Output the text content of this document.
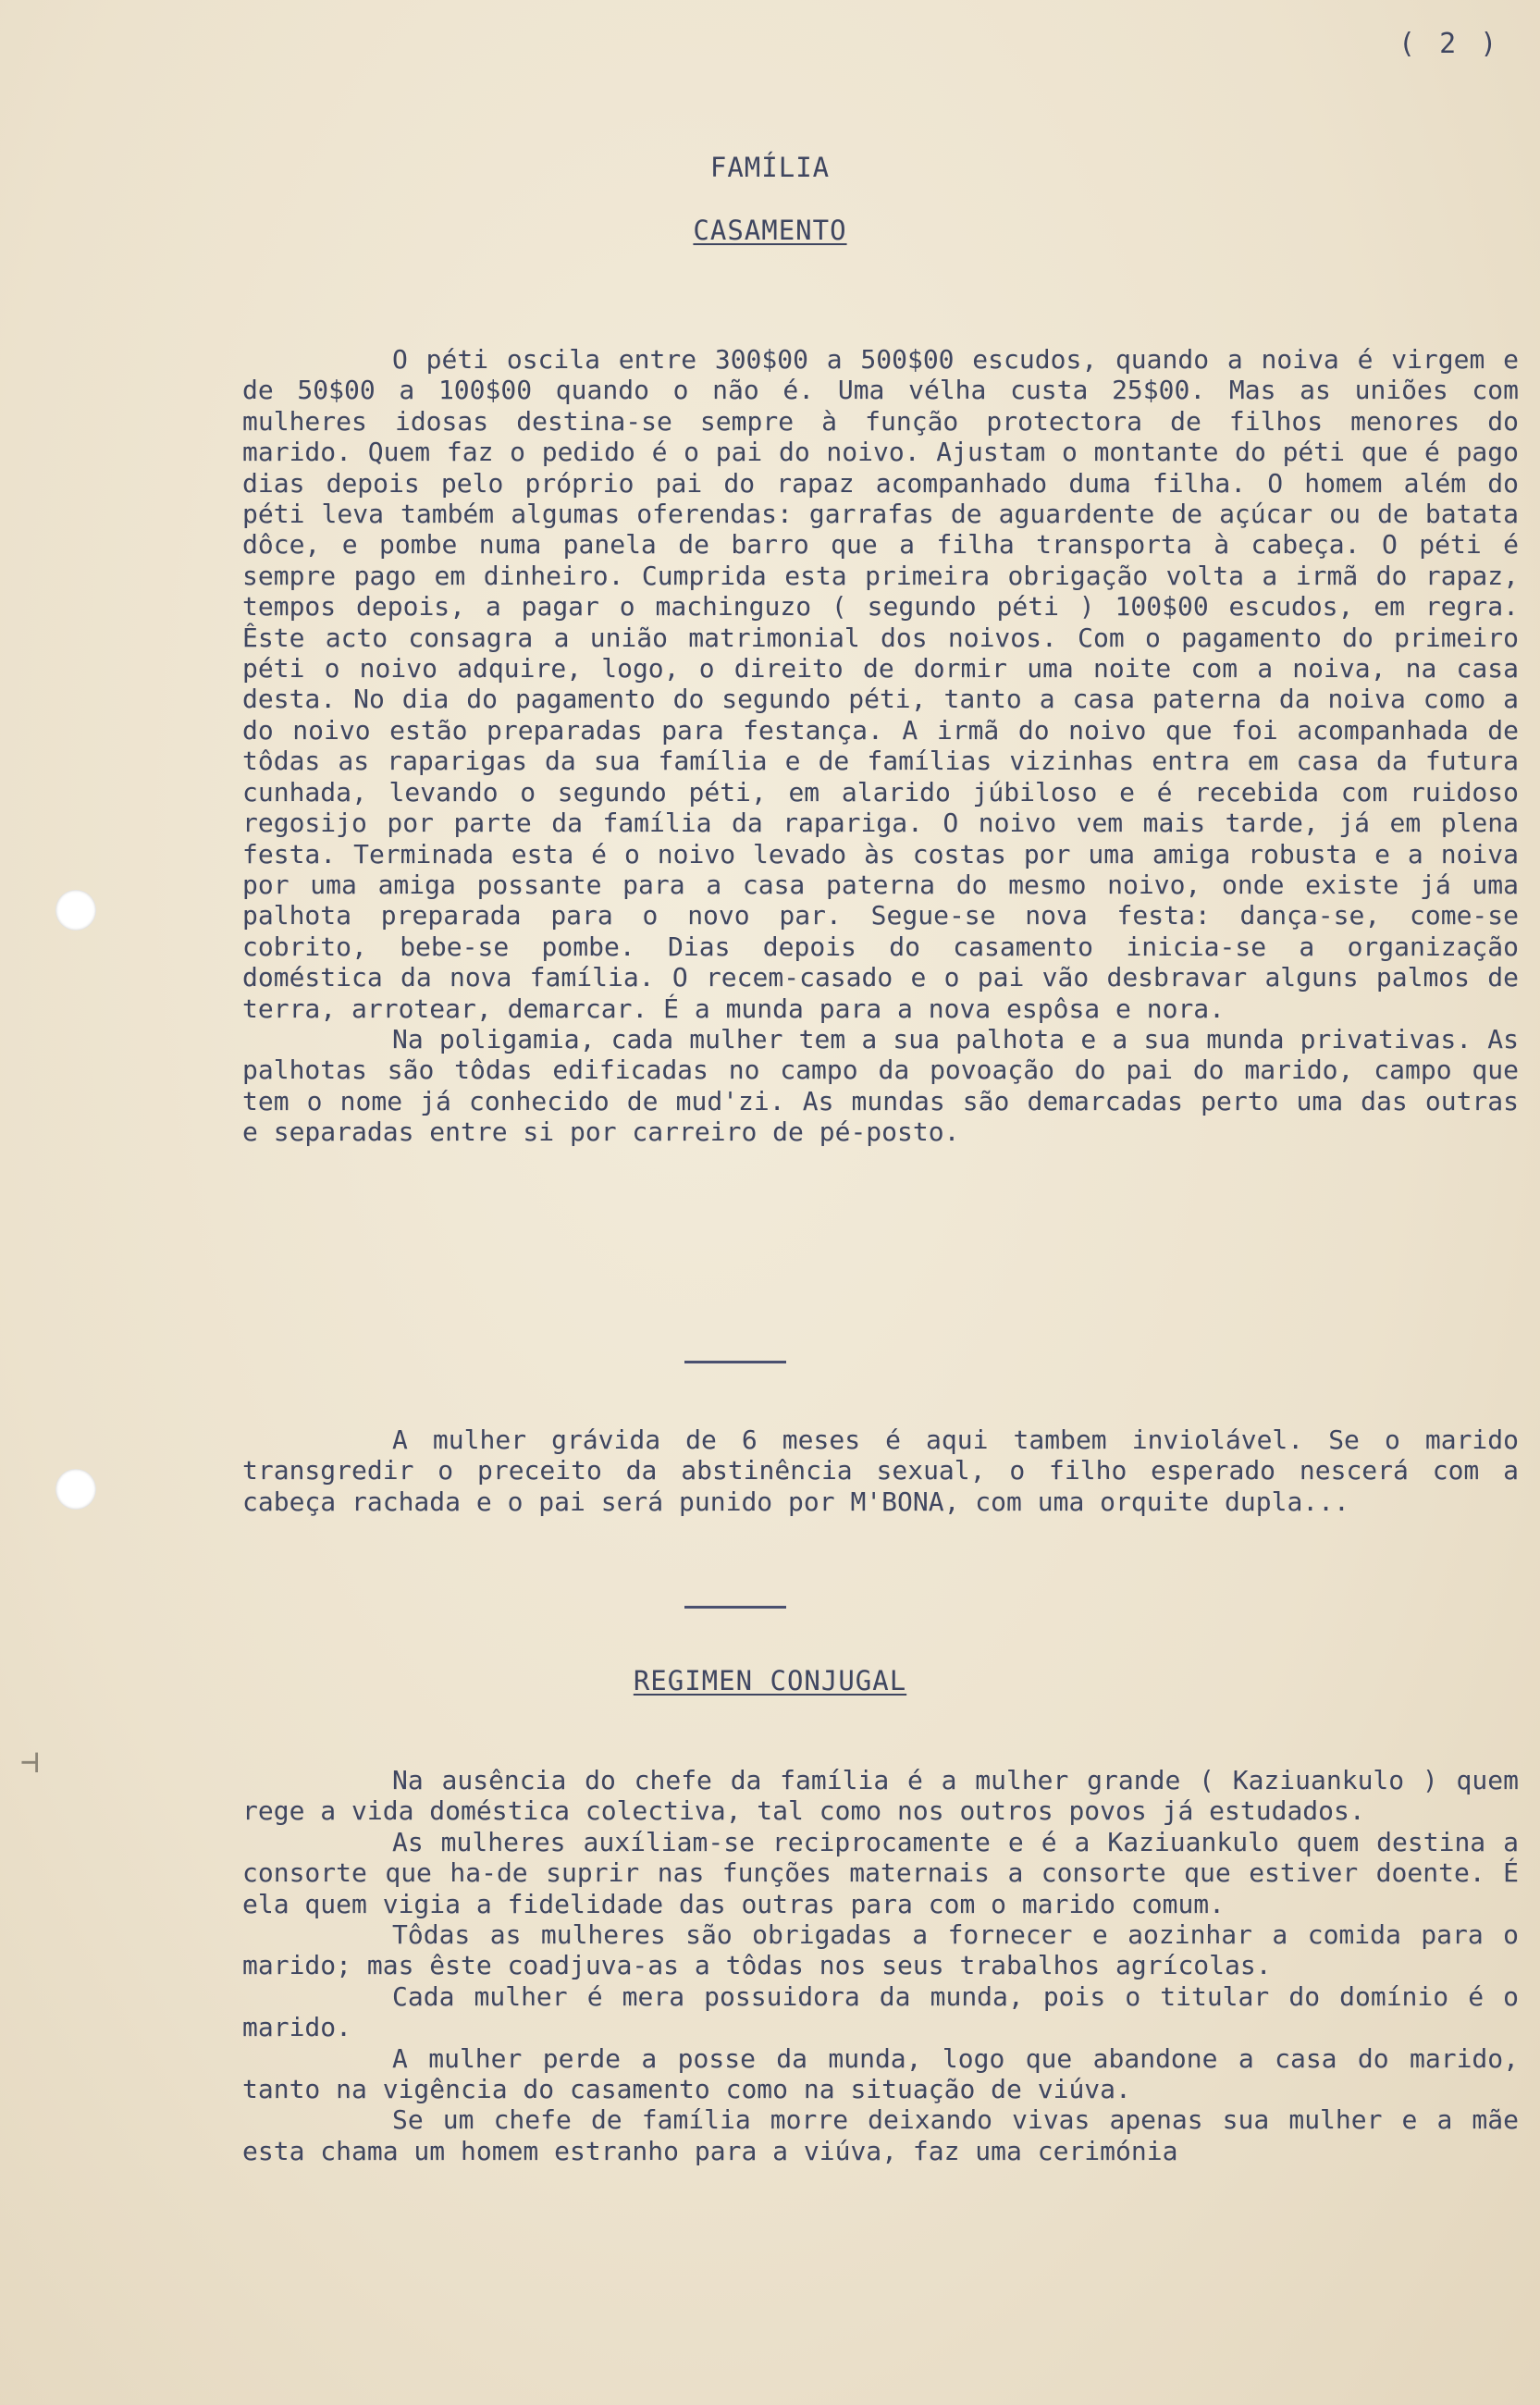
( 2 )
⊣
FAMÍLIA
CASAMENTO

O péti oscila entre 300$00 a 500$00 escudos, quando a noiva é virgem e de 50$00 a 100$00 quando o não é. Uma vélha custa 25$00. Mas as uniões com mulheres idosas destina-se sempre à função protectora de filhos menores do marido. Quem faz o pedido é o pai do noivo. Ajustam o montante do péti que é pago dias depois pelo próprio pai do rapaz acompanhado duma filha. O homem além do péti leva também algumas oferendas: garrafas de aguardente de açúcar ou de batata dôce, e pombe numa panela de barro que a filha transporta à cabeça. O péti é sempre pago em dinheiro. Cumprida esta primeira obrigação volta a irmã do rapaz, tempos depois, a pagar o machinguzo ( segundo péti ) 100$00 escudos, em regra. Êste acto consagra a união matrimonial dos noivos. Com o pagamento do primeiro péti o noivo adquire, logo, o direito de dormir uma noite com a noiva, na casa desta. No dia do pagamento do segundo péti, tanto a casa paterna da noiva como a do noivo estão preparadas para festança. A irmã do noivo que foi acompanhada de tôdas as raparigas da sua família e de famílias vizinhas entra em casa da futura cunhada, levando o segundo péti, em alarido júbiloso e é recebida com ruidoso regosijo por parte da família da rapariga. O noivo vem mais tarde, já em plena festa. Terminada esta é o noivo levado às costas por uma amiga robusta e a noiva por uma amiga possante para a casa paterna do mesmo noivo, onde existe já uma palhota preparada para o novo par. Segue-se nova festa: dança-se, come-se cobrito, bebe-se pombe. Dias depois do casamento inicia-se a organização doméstica da nova família. O recem-casado e o pai vão desbravar alguns palmos de terra, arrotear, demarcar. É a munda para a nova espôsa e nora.

Na poligamia, cada mulher tem a sua palhota e a sua munda privativas. As palhotas são tôdas edificadas no campo da povoação do pai do marido, campo que tem o nome já conhecido de mud'zi. As mundas são demarcadas perto uma das outras e separadas entre si por carreiro de pé-posto.

A mulher grávida de 6 meses é aqui tambem inviolável. Se o marido transgredir o preceito da abstinência sexual, o filho esperado nescerá com a cabeça rachada e o pai será punido por M'BONA, com uma orquite dupla...

REGIMEN CONJUGAL

Na ausência do chefe da família é a mulher grande ( Kaziuankulo ) quem rege a vida doméstica colectiva, tal como nos outros povos já estudados.

As mulheres auxíliam-se reciprocamente e é a Kaziuankulo quem destina a consorte que ha-de suprir nas funções maternais a consorte que estiver doente. É ela quem vigia a fidelidade das outras para com o marido comum.

Tôdas as mulheres são obrigadas a fornecer e aozinhar a comida para o marido; mas êste coadjuva-as a tôdas nos seus trabalhos agrícolas.

Cada mulher é mera possuidora da munda, pois o titular do domínio é o marido.

A mulher perde a posse da munda, logo que abandone a casa do marido, tanto na vigência do casamento como na situação de viúva.

Se um chefe de família morre deixando vivas apenas sua mulher e a mãe esta chama um homem estranho para a viúva, faz uma cerimónia
